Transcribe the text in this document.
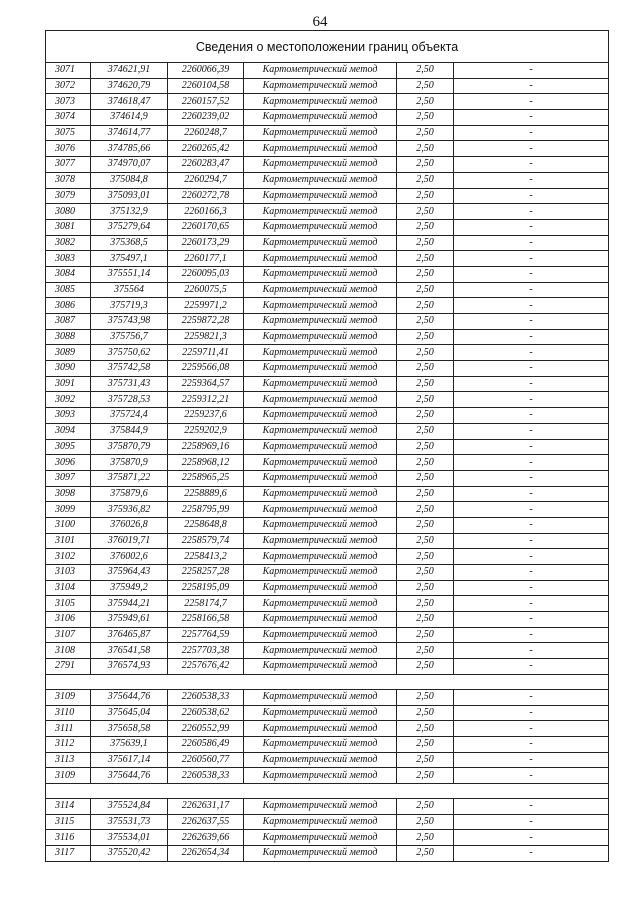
64
Сведения о местоположении границ объекта					
3071	374621,91	2260066,39	Картометрический метод	2,50	-
3072	374620,79	2260104,58	Картометрический метод	2,50	-
3073	374618,47	2260157,52	Картометрический метод	2,50	-
3074	374614,9	2260239,02	Картометрический метод	2,50	-
3075	374614,77	2260248,7	Картометрический метод	2,50	-
3076	374785,66	2260265,42	Картометрический метод	2,50	-
3077	374970,07	2260283,47	Картометрический метод	2,50	-
3078	375084,8	2260294,7	Картометрический метод	2,50	-
3079	375093,01	2260272,78	Картометрический метод	2,50	-
3080	375132,9	2260166,3	Картометрический метод	2,50	-
3081	375279,64	2260170,65	Картометрический метод	2,50	-
3082	375368,5	2260173,29	Картометрический метод	2,50	-
3083	375497,1	2260177,1	Картометрический метод	2,50	-
3084	375551,14	2260095,03	Картометрический метод	2,50	-
3085	375564	2260075,5	Картометрический метод	2,50	-
3086	375719,3	2259971,2	Картометрический метод	2,50	-
3087	375743,98	2259872,28	Картометрический метод	2,50	-
3088	375756,7	2259821,3	Картометрический метод	2,50	-
3089	375750,62	2259711,41	Картометрический метод	2,50	-
3090	375742,58	2259566,08	Картометрический метод	2,50	-
3091	375731,43	2259364,57	Картометрический метод	2,50	-
3092	375728,53	2259312,21	Картометрический метод	2,50	-
3093	375724,4	2259237,6	Картометрический метод	2,50	-
3094	375844,9	2259202,9	Картометрический метод	2,50	-
3095	375870,79	2258969,16	Картометрический метод	2,50	-
3096	375870,9	2258968,12	Картометрический метод	2,50	-
3097	375871,22	2258965,25	Картометрический метод	2,50	-
3098	375879,6	2258889,6	Картометрический метод	2,50	-
3099	375936,82	2258795,99	Картометрический метод	2,50	-
3100	376026,8	2258648,8	Картометрический метод	2,50	-
3101	376019,71	2258579,74	Картометрический метод	2,50	-
3102	376002,6	2258413,2	Картометрический метод	2,50	-
3103	375964,43	2258257,28	Картометрический метод	2,50	-
3104	375949,2	2258195,09	Картометрический метод	2,50	-
3105	375944,21	2258174,7	Картометрический метод	2,50	-
3106	375949,61	2258166,58	Картометрический метод	2,50	-
3107	376465,87	2257764,59	Картометрический метод	2,50	-
3108	376541,58	2257703,38	Картометрический метод	2,50	-
2791	376574,93	2257676,42	Картометрический метод	2,50	-

3109	375644,76	2260538,33	Картометрический метод	2,50	-
3110	375645,04	2260538,62	Картометрический метод	2,50	-
3111	375658,58	2260552,99	Картометрический метод	2,50	-
3112	375639,1	2260586,49	Картометрический метод	2,50	-
3113	375617,14	2260560,77	Картометрический метод	2,50	-
3109	375644,76	2260538,33	Картометрический метод	2,50	-

3114	375524,84	2262631,17	Картометрический метод	2,50	-
3115	375531,73	2262637,55	Картометрический метод	2,50	-
3116	375534,01	2262639,66	Картометрический метод	2,50	-
3117	375520,42	2262654,34	Картометрический метод	2,50	-
